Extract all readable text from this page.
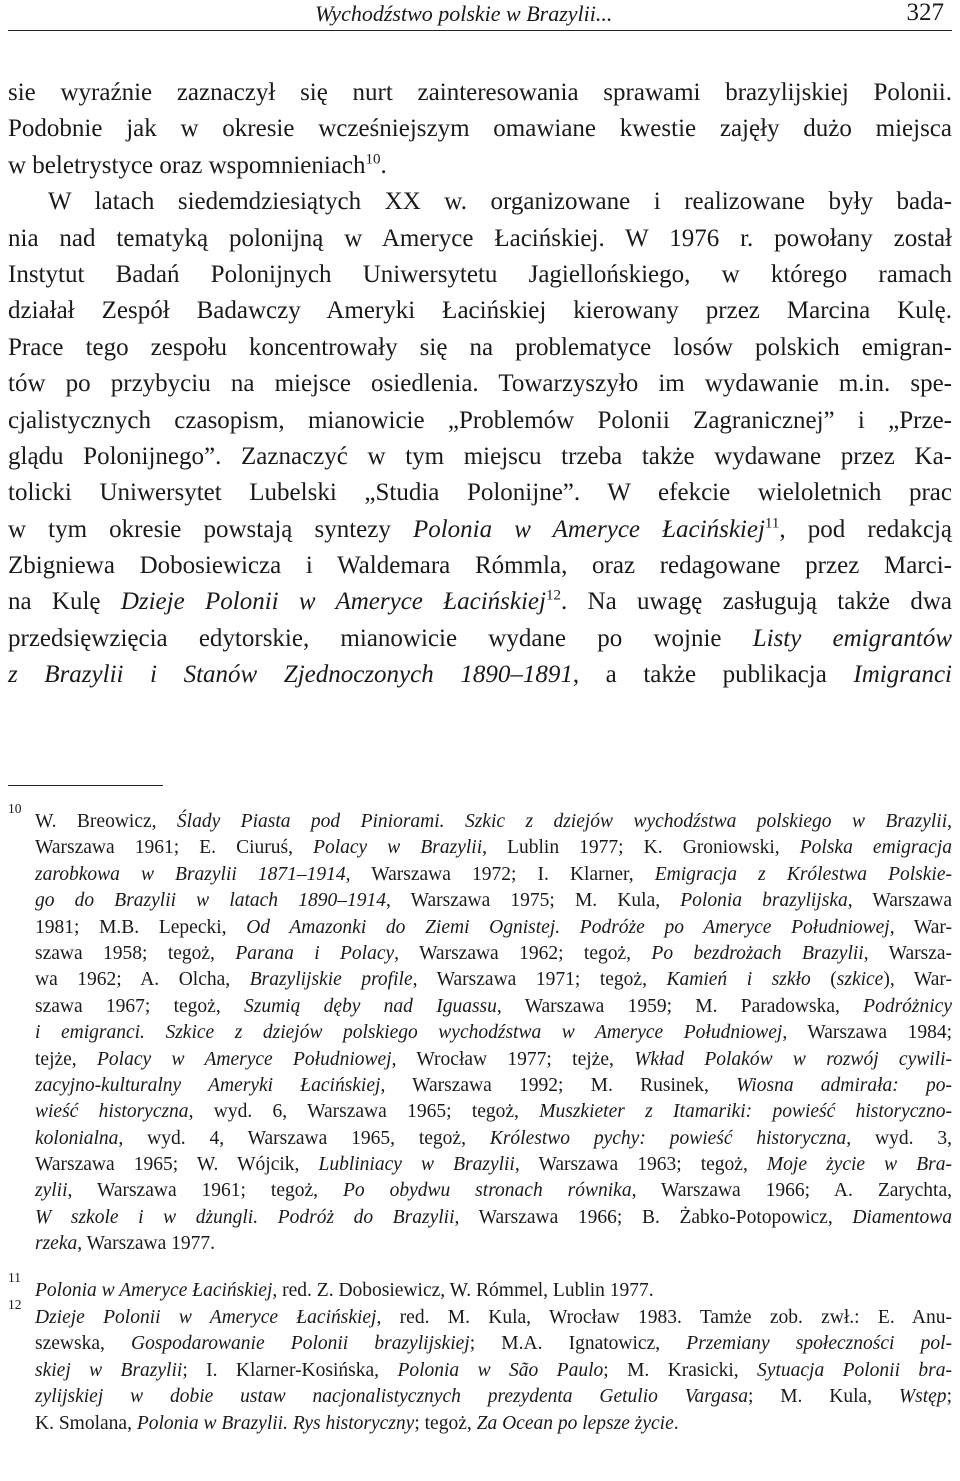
Wychodźstwo polskie w Brazylii...	327
sie wyraźnie zaznaczył się nurt zainteresowania sprawami brazylijskiej Polonii.
Podobnie jak w okresie wcześniejszym omawiane kwestie zajęły dużo miejsca
w beletrystyce oraz wspomnieniach$^{10}$.
W latach siedemdziesiątych XX w. organizowane i realizowane były bada-
nia nad tematyką polonijną w Ameryce Łacińskiej. W 1976 r. powołany został
Instytut Badań Polonijnych Uniwersytetu Jagiellońskiego, w którego ramach
działał Zespół Badawczy Ameryki Łacińskiej kierowany przez Marcina Kulę.
Prace tego zespołu koncentrowały się na problematyce losów polskich emigran-
tów po przybyciu na miejsce osiedlenia. Towarzyszyło im wydawanie m.in. spe-
cjalistycznych czasopism, mianowicie „Problemów Polonii Zagranicznej” i „Prze-
glądu Polonijnego”. Zaznaczyć w tym miejscu trzeba także wydawane przez Ka-
tolicki Uniwersytet Lubelski „Studia Polonijne”. W efekcie wieloletnich prac
w tym okresie powstają syntezy Polonia w Ameryce Łacińskiej$^{11}$, pod redakcją
Zbigniewa Dobosiewicza i Waldemara Rómmla, oraz redagowane przez Marci-
na Kulę Dzieje Polonii w Ameryce Łacińskiej$^{12}$. Na uwagę zasługują także dwa
przedsięwzięcia edytorskie, mianowicie wydane po wojnie Listy emigrantów
z Brazylii i Stanów Zjednoczonych 1890–1891, a także publikacja Imigranci
10
W. Breowicz, Ślady Piasta pod Piniorami. Szkic z dziejów wychodźstwa polskiego w Brazylii,
Warszawa 1961; E. Ciuruś, Polacy w Brazylii, Lublin 1977; K. Groniowski, Polska emigracja
zarobkowa w Brazylii 1871–1914, Warszawa 1972; I. Klarner, Emigracja z Królestwa Polskie-
go do Brazylii w latach 1890–1914, Warszawa 1975; M. Kula, Polonia brazylijska, Warszawa
1981; M.B. Lepecki, Od Amazonki do Ziemi Ognistej. Podróże po Ameryce Południowej, War-
szawa 1958; tegoż, Parana i Polacy, Warszawa 1962; tegoż, Po bezdrożach Brazylii, Warsza-
wa 1962; A. Olcha, Brazylijskie profile, Warszawa 1971; tegoż, Kamień i szkło (szkice), War-
szawa 1967; tegoż, Szumią dęby nad Iguassu, Warszawa 1959; M. Paradowska, Podróżnicy
i emigranci. Szkice z dziejów polskiego wychodźstwa w Ameryce Południowej, Warszawa 1984;
tejże, Polacy w Ameryce Południowej, Wrocław 1977; tejże, Wkład Polaków w rozwój cywili-
zacyjno-kulturalny Ameryki Łacińskiej, Warszawa 1992; M. Rusinek, Wiosna admirała: po-
wieść historyczna, wyd. 6, Warszawa 1965; tegoż, Muszkieter z Itamariki: powieść historyczno-
kolonialna, wyd. 4, Warszawa 1965, tegoż, Królestwo pychy: powieść historyczna, wyd. 3,
Warszawa 1965; W. Wójcik, Lubliniacy w Brazylii, Warszawa 1963; tegoż, Moje życie w Bra-
zylii, Warszawa 1961; tegoż, Po obydwu stronach równika, Warszawa 1966; A. Zarychta,
W szkole i w dżungli. Podróż do Brazylii, Warszawa 1966; B. Żabko-Potopowicz, Diamentowa
rzeka, Warszawa 1977.
11
Polonia w Ameryce Łacińskiej, red. Z. Dobosiewicz, W. Rómmel, Lublin 1977.
12
Dzieje Polonii w Ameryce Łacińskiej, red. M. Kula, Wrocław 1983. Tamże zob. zwł.: E. Anu-
szewska, Gospodarowanie Polonii brazylijskiej; M.A. Ignatowicz, Przemiany społeczności pol-
skiej w Brazylii; I. Klarner-Kosińska, Polonia w São Paulo; M. Krasicki, Sytuacja Polonii bra-
zylijskiej w dobie ustaw nacjonalistycznych prezydenta Getulio Vargasa; M. Kula, Wstęp;
K. Smolana, Polonia w Brazylii. Rys historyczny; tegoż, Za Ocean po lepsze życie.
